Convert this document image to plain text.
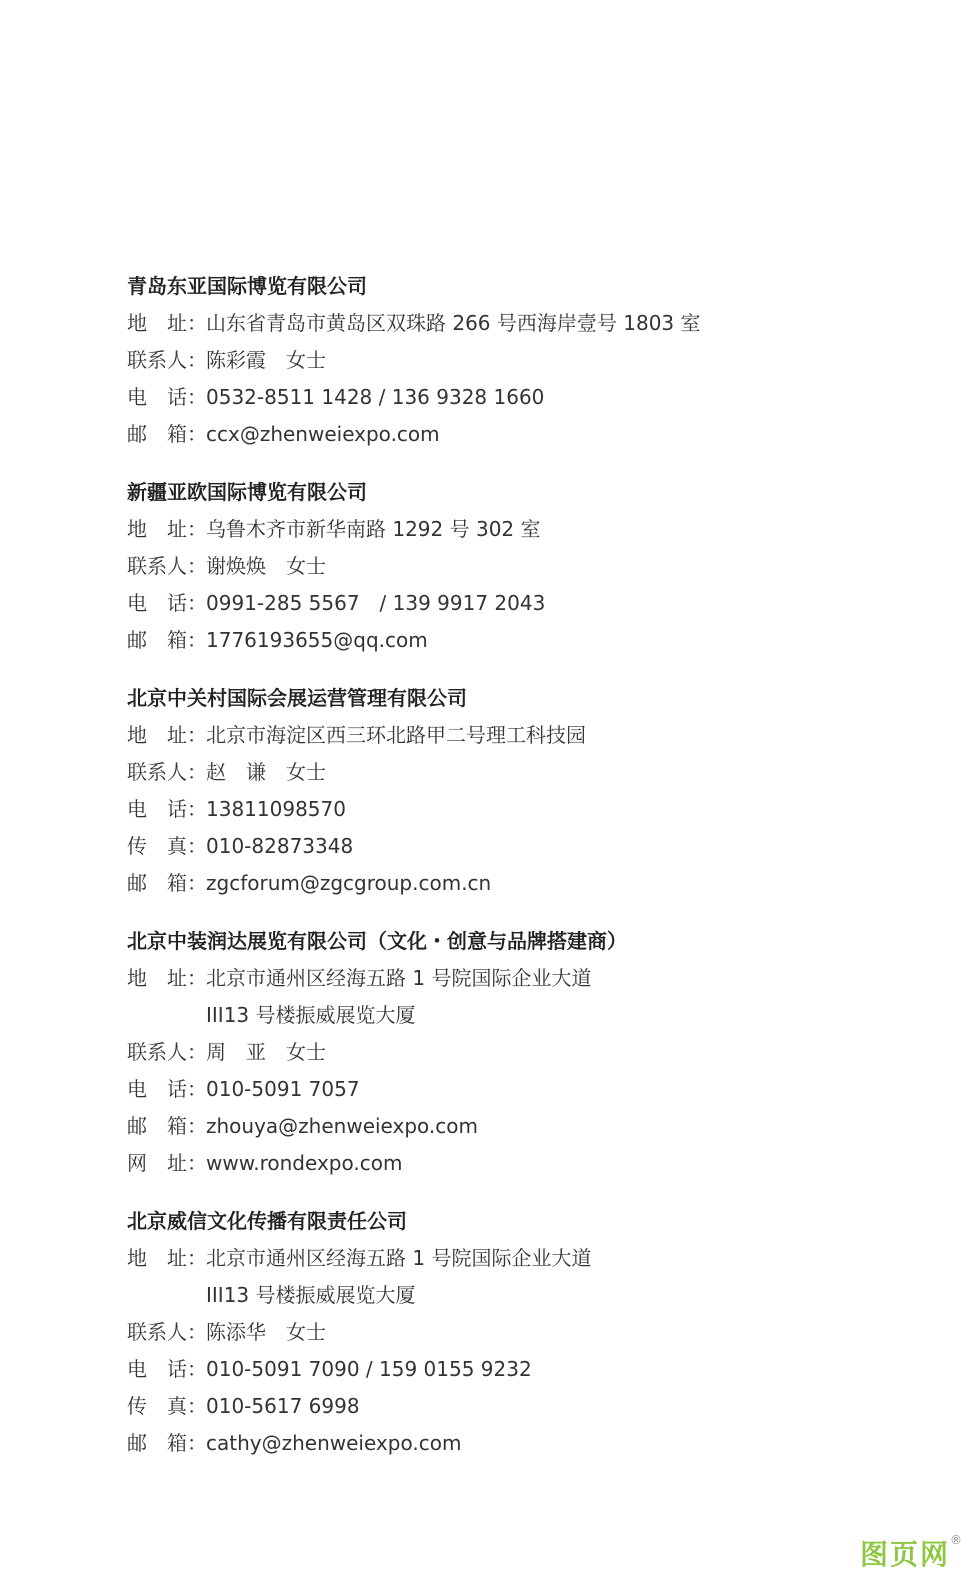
青岛东亚国际博览有限公司
地　址： 山东省青岛市黄岛区双珠路 266 号西海岸壹号 1803 室
联系人： 陈彩霞　女士
电　话： 0532-8511 1428 / 136 9328 1660
邮　箱： ccx@zhenweiexpo.com
新疆亚欧国际博览有限公司
地　址： 乌鲁木齐市新华南路 1292 号 302 室
联系人： 谢焕焕　女士
电　话： 0991-285 5567　/ 139 9917 2043
邮　箱： 1776193655@qq.com
北京中关村国际会展运营管理有限公司
地　址： 北京市海淀区西三环北路甲二号理工科技园
联系人： 赵　谦　女士
电　话： 13811098570
传　真： 010-82873348
邮　箱： zgcforum@zgcgroup.com.cn
北京中装润达展览有限公司（文化・创意与品牌搭建商）
地　址： 北京市通州区经海五路 1 号院国际企业大道
III13 号楼振威展览大厦
联系人： 周　亚　女士
电　话： 010-5091 7057
邮　箱： zhouya@zhenweiexpo.com
网　址： www.rondexpo.com
北京威信文化传播有限责任公司
地　址： 北京市通州区经海五路 1 号院国际企业大道
III13 号楼振威展览大厦
联系人： 陈添华　女士
电　话： 010-5091 7090 / 159 0155 9232
传　真： 010-5617 6998
邮　箱： cathy@zhenweiexpo.com
图页网®
